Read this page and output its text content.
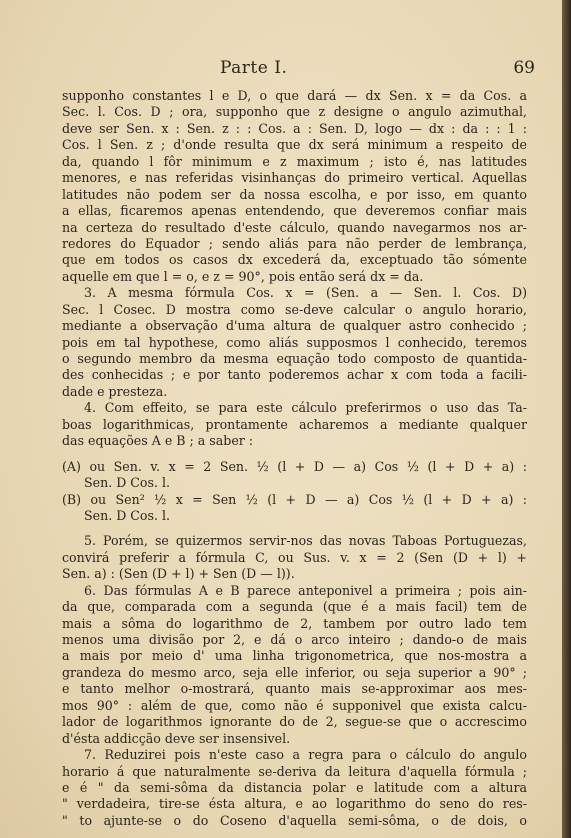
Parte I.	69
supponho constantes l e D, o que dará — dx Sen. x = da Cos. a
Sec. l. Cos. D ; ora, supponho que z designe o angulo azimuthal,
deve ser Sen. x : Sen. z : : Cos. a : Sen. D, logo — dx : da : : 1 :
Cos. l Sen. z ; d'onde resulta que dx será minimum a respeito de
da, quando l fôr minimum e z maximum ; isto é, nas latitudes
menores, e nas referidas visinhanças do primeiro vertical. Aquellas
latitudes não podem ser da nossa escolha, e por isso, em quanto
a ellas, ficaremos apenas entendendo, que deveremos confiar mais
na certeza do resultado d'este cálculo, quando navegarmos nos ar-
redores do Equador ; sendo aliás para não perder de lembrança,
que em todos os casos dx excederá da, exceptuado tão sómente
aquelle em que l = o, e z = 90°, pois então será dx = da.
3. A mesma fórmula Cos. x = (Sen. a — Sen. l. Cos. D)
Sec. l Cosec. D mostra como se-deve calcular o angulo horario,
mediante a observação d'uma altura de qualquer astro conhecido ;
pois em tal hypothese, como aliás supposmos l conhecido, teremos
o segundo membro da mesma equação todo composto de quantida-
des conhecidas ; e por tanto poderemos achar x com toda a facili-
dade e presteza.
4. Com effeito, se para este cálculo preferirmos o uso das Ta-
boas logarithmicas, prontamente acharemos a mediante qualquer
das equações A e B ; a saber :
(A) ou Sen. v. x = 2 Sen. ½ (l + D — a) Cos ½ (l + D + a) :
Sen. D Cos. l.
(B) ou Sen² ½ x = Sen ½ (l + D — a) Cos ½ (l + D + a) :
Sen. D Cos. l.
5. Porém, se quizermos servir-nos das novas Taboas Portuguezas,
convirá preferir a fórmula C, ou Sus. v. x = 2 (Sen (D + l) +
Sen. a) : (Sen (D + l) + Sen (D — l)).
6. Das fórmulas A e B parece anteponivel a primeira ; pois ain-
da que, comparada com a segunda (que é a mais facil) tem de
mais a sôma do logarithmo de 2, tambem por outro lado tem
menos uma divisão por 2, e dá o arco inteiro ; dando-o de mais
a mais por meio d' uma linha trigonometrica, que nos-mostra a
grandeza do mesmo arco, seja elle inferior, ou seja superior a 90° ;
e tanto melhor o-mostrará, quanto mais se-approximar aos mes-
mos 90° : além de que, como não é supponivel que exista calcu-
lador de logarithmos ignorante do de 2, segue-se que o accrescimo
d'ésta addicção deve ser insensivel.
7. Reduzirei pois n'este caso a regra para o cálculo do angulo
horario á que naturalmente se-deriva da leitura d'aquella fórmula ;
e é " da semi-sôma da distancia polar e latitude com a altura
" verdadeira, tire-se ésta altura, e ao logarithmo do seno do res-
" to ajunte-se o do Coseno d'aquella semi-sôma, o de dois, o
